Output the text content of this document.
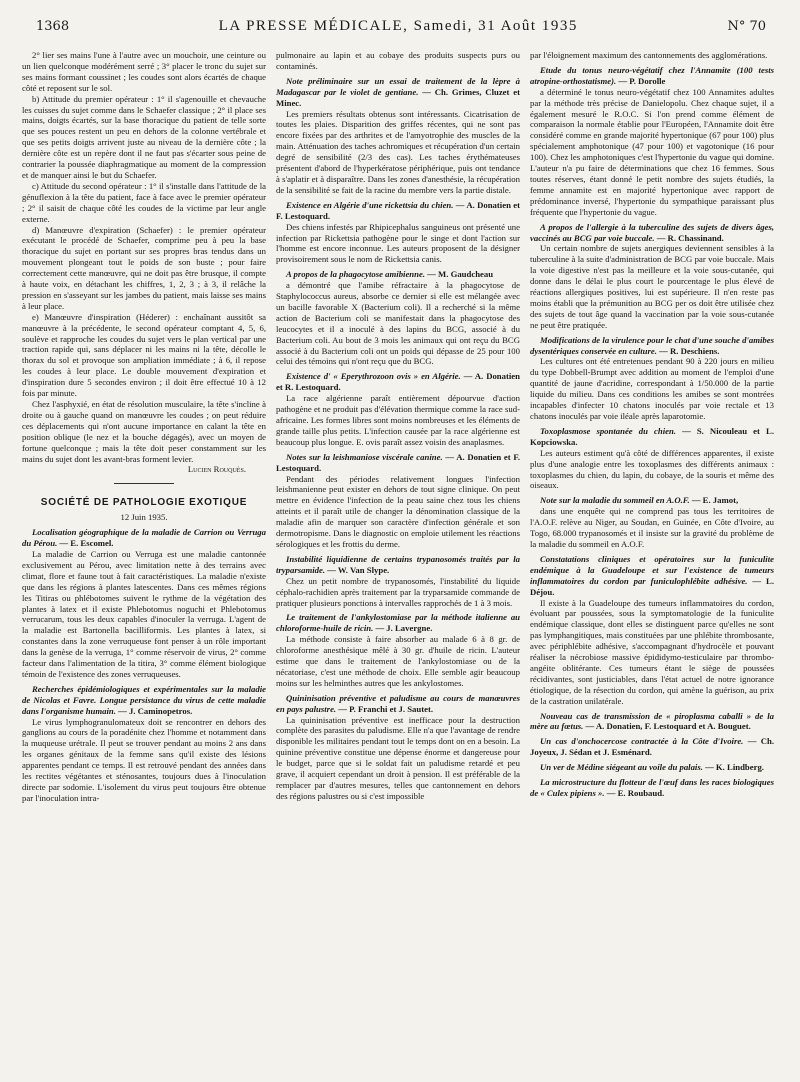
1368	LA PRESSE MÉDICALE, Samedi, 31 Août 1935	N° 70

2° lier ses mains l'une à l'autre avec un mouchoir, une ceinture ou un lien quelconque modérément serré ; 3° placer le tronc du sujet sur ses mains formant coussinet ; les coudes sont alors écartés de chaque côté et reposent sur le sol.

b) Attitude du premier opérateur : 1° il s'agenouille et chevauche les cuisses du sujet comme dans le Schaefer classique ; 2° il place ses mains, doigts écartés, sur la base thoracique du patient de telle sorte que ses pouces restent un peu en dehors de la colonne vertébrale et que ses petits doigts arrivent juste au niveau de la dernière côte ; la dernière côte est un repère dont il ne faut pas s'écarter sous peine de contrarier la poussée diaphragmatique au moment de la compression et de manquer ainsi le but du Schaefer.

c) Attitude du second opérateur : 1° il s'installe dans l'attitude de la génuflexion à la tête du patient, face à face avec le premier opérateur ; 2° il saisit de chaque côté les coudes de la victime par leur angle externe.

d) Manœuvre d'expiration (Schaefer) : le premier opérateur exécutant le procédé de Schaefer, comprime peu à peu la base thoracique du sujet en portant sur ses propres bras tendus dans un mouvement plongeant tout le poids de son buste ; pour faire correctement cette manœuvre, qui ne doit pas être brusque, il compte à haute voix, en détachant les chiffres, 1, 2, 3 ; à 3, il relâche la pression en s'asseyant sur les jambes du patient, mais laisse ses mains à leur place.

e) Manœuvre d'inspiration (Héderer) : enchaînant aussitôt sa manœuvre à la précédente, le second opérateur comptant 4, 5, 6, soulève et rapproche les coudes du sujet vers le plan vertical par une traction rapide qui, sans déplacer ni les mains ni la tête, décolle le thorax du sol et provoque son ampliation immédiate ; à 6, il repose les coudes à leur place. Le double mouvement d'expiration et d'inspiration dure 5 secondes environ ; il doit être effectué 10 à 12 fois par minute.

Chez l'asphyxié, en état de résolution musculaire, la tête s'incline à droite ou à gauche quand on manœuvre les coudes ; on peut réduire ces déplacements qui n'ont aucune importance en calant la tête en position oblique (le nez et la bouche dégagés), avec un moyen de fortune quelconque ; mais la tête doit peser constamment sur les mains du sujet dont les avant-bras forment levier.

Lucien Rouquès.
SOCIÉTÉ DE PATHOLOGIE EXOTIQUE
12 Juin 1935.

Localisation géographique de la maladie de Carrion ou Verruga du Pérou. — E. Escomel.

La maladie de Carrion ou Verruga est une maladie cantonnée exclusivement au Pérou, avec limitation nette à des terrains avec climat, flore et faune tout à fait caractéristiques. La maladie n'existe que dans les régions à plantes latescentes. Dans ces mêmes régions les Titiras ou phlébotomes suivent le rythme de la végétation des plantes à latex et il existe Phlebotomus noguchi et Phlebotomus verrucarum, tous les deux capables d'inoculer la verruga. L'agent de la maladie est Bartonella bacilliformis. Les plantes à latex, si constantes dans la zone verruqueuse font penser à un rôle important dans la genèse de la verruga, 1° comme réservoir de virus, 2° comme facteur dans l'alimentation de la titira, 3° comme élément biologique témoin de l'existence des zones verruqueuses.

Recherches épidémiologiques et expérimentales sur la maladie de Nicolas et Favre. Longue persistance du virus de cette maladie dans l'organisme humain. — J. Caminopetros.

Le virus lymphogranulomateux doit se rencontrer en dehors des ganglions au cours de la poradénite chez l'homme et notamment dans la muqueuse urétrale. Il peut se trouver pendant au moins 2 ans dans les organes génitaux de la femme sans qu'il existe des lésions apparentes pendant ce temps. Il est retrouvé pendant des années dans les rectites végétantes et sténosantes, toujours dues à l'inoculation directe par sodomie. L'isolement du virus peut toujours être obtenue par l'inoculation intra-

pulmonaire au lapin et au cobaye des produits suspects purs ou contaminés.

Note préliminaire sur un essai de traitement de la lèpre à Madagascar par le violet de gentiane. — Ch. Grimes, Cluzet et Minec.

Les premiers résultats obtenus sont intéressants. Cicatrisation de toutes les plaies. Disparition des griffes récentes, qui ne sont pas encore fixées par des arthrites et de l'amyotrophie des muscles de la main. Atténuation des taches achromiques et récupération d'un certain degré de sensibilité (2/3 des cas). Les taches érythémateuses présentent d'abord de l'hyperkératose périphérique, puis ont tendance à s'aplatir et à disparaître. Dans les zones d'anesthésie, la récupération de la sensibilité se fait de la racine du membre vers la partie distale.

Existence en Algérie d'une rickettsia du chien. — A. Donatien et F. Lestoquard.

Des chiens infestés par Rhipicephalus sanguineus ont présenté une infection par Rickettsia pathogène pour le singe et dont l'action sur l'homme est encore inconnue. Les auteurs proposent de la désigner provisoirement sous le nom de Rickettsia canis.

A propos de la phagocytose amibienne. — M. Gaudcheau

a démontré que l'amibe réfractaire à la phagocytose de Staphylococcus aureus, absorbe ce dernier si elle est mélangée avec un bacille favorable X (Bacterium coli). Il a recherché si la même action de Bacterium coli se manifestait dans la phagocytose des leucocytes et il a inoculé à des lapins du BCG, associé à du Bacterium coli. Au bout de 3 mois les animaux qui ont reçu du BCG associé à du Bacterium coli ont un poids qui dépasse de 25 pour 100 celui des témoins qui n'ont reçu que du BCG.

Existence d' « Eperythrozoon ovis » en Algérie. — A. Donatien et R. Lestoquard.

La race algérienne paraît entièrement dépourvue d'action pathogène et ne produit pas d'élévation thermique comme la race sud-africaine. Les formes libres sont moins nombreuses et les éléments de grande taille plus petits. L'infection causée par la race algérienne est beaucoup plus longue. E. ovis paraît assez voisin des anaplasmes.

Notes sur la leishmaniose viscérale canine. — A. Donatien et F. Lestoquard.

Pendant des périodes relativement longues l'infection leishmanienne peut exister en dehors de tout signe clinique. On peut mettre en évidence l'infection de la peau saine chez tous les chiens atteints et il paraît utile de changer la dénomination classique de la maladie afin de marquer son caractère d'infection générale et son dermotropisme. Dans le diagnostic on emploie utilement les réactions sérologiques et les frottis du derme.

Instabilité liquidienne de certains trypanosomés traités par la tryparsamide. — W. Van Slype.

Chez un petit nombre de trypanosomés, l'instabilité du liquide céphalo-rachidien après traitement par la tryparsamide commande de pratiquer plusieurs ponctions à intervalles rapprochés de 1 à 3 mois.

Le traitement de l'ankylostomiase par la méthode italienne au chloroforme-huile de ricin. — J. Lavergne.

La méthode consiste à faire absorber au malade 6 à 8 gr. de chloroforme anesthésique mêlé à 30 gr. d'huile de ricin. L'auteur estime que dans le traitement de l'ankylostomiase ou de la nécatoriase, c'est une méthode de choix. Elle semble agir beaucoup moins sur les helminthes autres que les ankylostomes.

Quininisation préventive et paludisme au cours de manœuvres en pays palustre. — P. Franchi et J. Sautet.

La quininisation préventive est inefficace pour la destruction complète des parasites du paludisme. Elle n'a que l'avantage de rendre disponible les militaires pendant tout le temps dont on en a besoin. La quinine préventive constitue une dépense énorme et dangereuse pour le budget, parce que si le soldat fait un paludisme retardé et peu grave, il acquiert cependant un droit à pension. Il est préférable de la remplacer par d'autres mesures, telles que cantonnement en dehors des régions palustres ou si c'est impossible

par l'éloignement maximum des cantonnements des agglomérations.

Etude du tonus neuro-végétatif chez l'Annamite (100 tests atropine-orthostatisme). — P. Dorolle

a déterminé le tonus neuro-végétatif chez 100 Annamites adultes par la méthode très précise de Danielopolu. Chez chaque sujet, il a également mesuré le R.O.C. Si l'on prend comme élément de comparaison la normale établie pour l'Européen, l'Annamite doit être considéré comme en grande majorité hypertonique (67 pour 100) plus spécialement amphotonique (47 pour 100) et vagotonique (16 pour 100). Chez les amphotoniques c'est l'hypertonie du vague qui domine. L'auteur n'a pu faire de déterminations que chez 16 femmes. Sous toutes réserves, étant donné le petit nombre des sujets étudiés, la femme annamite est en majorité hypertonique avec rapport de prédominance inversé, l'hypertonie du sympathique paraissant plus fréquente que l'hypertonie du vague.

A propos de l'allergie à la tuberculine des sujets de divers âges, vaccinés au BCG par voie buccale. — R. Chassinand.

Un certain nombre de sujets anergiques deviennent sensibles à la tuberculine à la suite d'administration de BCG par voie buccale. Mais la voie digestive n'est pas la meilleure et la voie sous-cutanée, qui donne dans le délai le plus court le pourcentage le plus élevé de réactions allergiques positives, lui est supérieure. Il n'en reste pas moins établi que la prémunition au BCG per os doit être utilisée chez des sujets de tout âge quand la vaccination par la voie sous-cutanée ne peut être pratiquée.

Modifications de la virulence pour le chat d'une souche d'amibes dysentériques conservée en culture. — R. Deschiens.

Les cultures ont été entretenues pendant 90 à 220 jours en milieu du type Dobbell-Brumpt avec addition au moment de l'emploi d'une quantité de jaune d'acridine, correspondant à 1/50.000 de la partie liquide du milieu. Dans ces conditions les amibes se sont montrées incapables d'infecter 10 chatons inoculés par voie rectale et 13 chatons inoculés par voie iléale après laparotomie.

Toxoplasmose spontanée du chien. — S. Nicouleau et L. Kopciowska.

Les auteurs estiment qu'à côté de différences apparentes, il existe plus d'une analogie entre les toxoplasmes des différents animaux : toxoplasmes du chien, du lapin, du cobaye, de la souris et même des oiseaux.

Note sur la maladie du sommeil en A.O.F. — E. Jamot,

dans une enquête qui ne comprend pas tous les territoires de l'A.O.F. relève au Niger, au Soudan, en Guinée, en Côte d'Ivoire, au Togo, 68.000 trypanosomés et il insiste sur la gravité du problème de la maladie du sommeil en A.O.F.

Constatations cliniques et opératoires sur la funiculite endémique à la Guadeloupe et sur l'existence de tumeurs inflammatoires du cordon par funiculophlébite adhésive. — L. Déjou.

Il existe à la Guadeloupe des tumeurs inflammatoires du cordon, évoluant par poussées, sous la symptomatologie de la funiculite endémique classique, dont elles se distinguent parce qu'elles ne sont pas lymphangitiques, mais constituées par une phlébite thrombosante, avec périphlébite adhésive, s'accompagnant d'hydrocèle et pouvant réaliser la nécrobiose massive épididymo-testiculaire par thrombo-angéite oblitérante. Ces tumeurs étant le siège de poussées récidivantes, sont justiciables, dans l'état actuel de notre ignorance étiologique, de la résection du cordon, qui amène la guérison, au prix de la castration unilatérale.

Nouveau cas de transmission de « piroplasma caballi » de la mère au fœtus. — A. Donatien, F. Lestoquard et A. Bouguet.

Un cas d'onchocercose contractée à la Côte d'Ivoire. — Ch. Joyeux, J. Sédan et J. Esménard.

Un ver de Médine siégeant au voile du palais. — K. Lindberg.

La microstructure du flotteur de l'œuf dans les races biologiques de « Culex pipiens ». — E. Roubaud.
